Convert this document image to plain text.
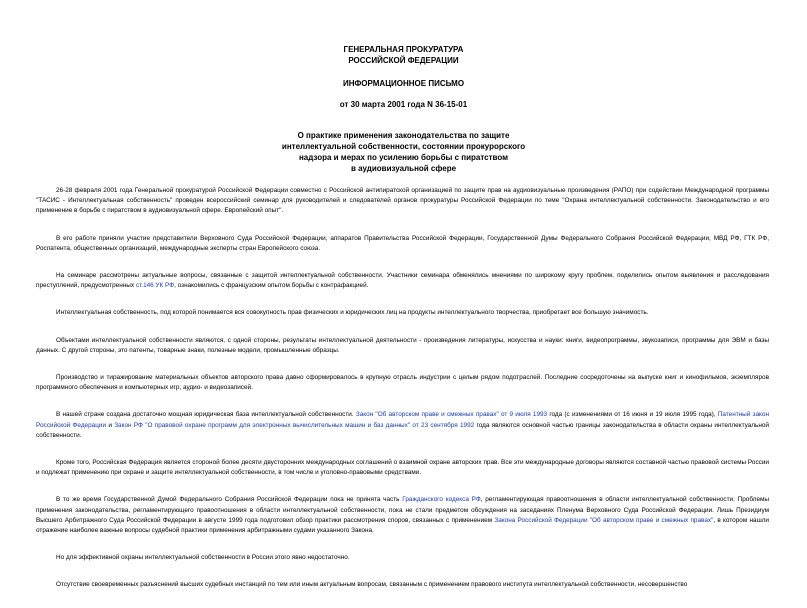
ГЕНЕРАЛЬНАЯ ПРОКУРАТУРА
РОССИЙСКОЙ ФЕДЕРАЦИИ
ИНФОРМАЦИОННОЕ ПИСЬМО
от 30 марта 2001 года N 36-15-01
О практике применения законодательства по защите
интеллектуальной собственности, состоянии прокурорского
надзора и мерах по усилению борьбы с пиратством
в аудиовизуальной сфере

26-28 февраля 2001 года Генеральной прокуратурой Российской Федерации совместно с Российской антипиратской организацией по защите прав на аудиовизуальные произведения (РАПО) при содействии Международной программы "ТАСИС - Интеллектуальная собственность" проведен всероссийский семинар для руководителей и следователей органов прокуратуры Российской Федерации по теме "Охрана интеллектуальной собственности. Законодательство и его применение в борьбе с пиратством в аудиовизуальной сфере. Европейский опыт".

В его работе приняли участие представители Верховного Суда Российской Федерации, аппаратов Правительства Российской Федерации, Государственной Думы Федерального Собрания Российской Федерации, МВД РФ, ГТК РФ, Роспатента, общественных организаций, международные эксперты стран Европейского союза.

На семинаре рассмотрены актуальные вопросы, связанные с защитой интеллектуальной собственности. Участники семинара обменялись мнениями по широкому кругу проблем, поделились опытом выявления и расследования преступлений, предусмотренных ст.146 УК РФ, ознакомились с французским опытом борьбы с контрафакцией.

Интеллектуальная собственность, под которой понимается вся совокупность прав физических и юридических лиц на продукты интеллектуального творчества, приобретает все большую значимость.

Объектами интеллектуальной собственности являются, с одной стороны, результаты интеллектуальной деятельности - произведения литературы, искусства и науки: книги, видеопрограммы, звукозаписи, программы для ЭВМ и базы данных. С другой стороны, это патенты, товарные знаки, полезные модели, промышленные образцы.

Производство и тиражирование материальных объектов авторского права давно сформировалось в крупную отрасль индустрии с целым рядом подотраслей. Последние сосредоточены на выпуске книг и кинофильмов, экземпляров программного обеспечения и компьютерных игр, аудио- и видеозаписей.

В нашей стране создана достаточно мощная юридическая база интеллектуальной собственности. Закон "Об авторском праве и смежных правах" от 9 июля 1993 года (с изменениями от 16 июня и 19 июля 1995 года), Патентный закон Российской Федерации и Закон РФ "О правовой охране программ для электронных вычислительных машин и баз данных" от 23 сентября 1992 года являются основной частью границы законодательства в области охраны интеллектуальной собственности.

Кроме того, Российская Федерация является стороной более десяти двусторонних международных соглашений о взаимной охране авторских прав. Все эти международные договоры являются составной частью правовой системы России и подлежат применению при охране и защите интеллектуальной собственности, в том числе и уголовно-правовыми средствами.

В то же время Государственной Думой Федерального Собрания Российской Федерации пока не принята часть Гражданского кодекса РФ, регламентирующая правоотношения в области интеллектуальной собственности. Проблемы применения законодательства, регламентирующего правоотношения в области интеллектуальной собственности, пока не стали предметом обсуждения на заседаниях Пленума Верховного Суда Российской Федерации. Лишь Президиум Высшего Арбитражного Суда Российской Федерации в августе 1999 года подготовил обзор практики рассмотрения споров, связанных с применением Закона Российской Федерации "Об авторском праве и смежных правах", в котором нашли отражение наиболее важные вопросы судебной практики применения арбитражными судами указанного Закона.

Но для эффективной охраны интеллектуальной собственности в России этого явно недостаточно.

Отсутствие своевременных разъяснений высших судебных инстанций по тем или иным актуальным вопросам, связанным с применением правового института интеллектуальной собственности, несовершенство
